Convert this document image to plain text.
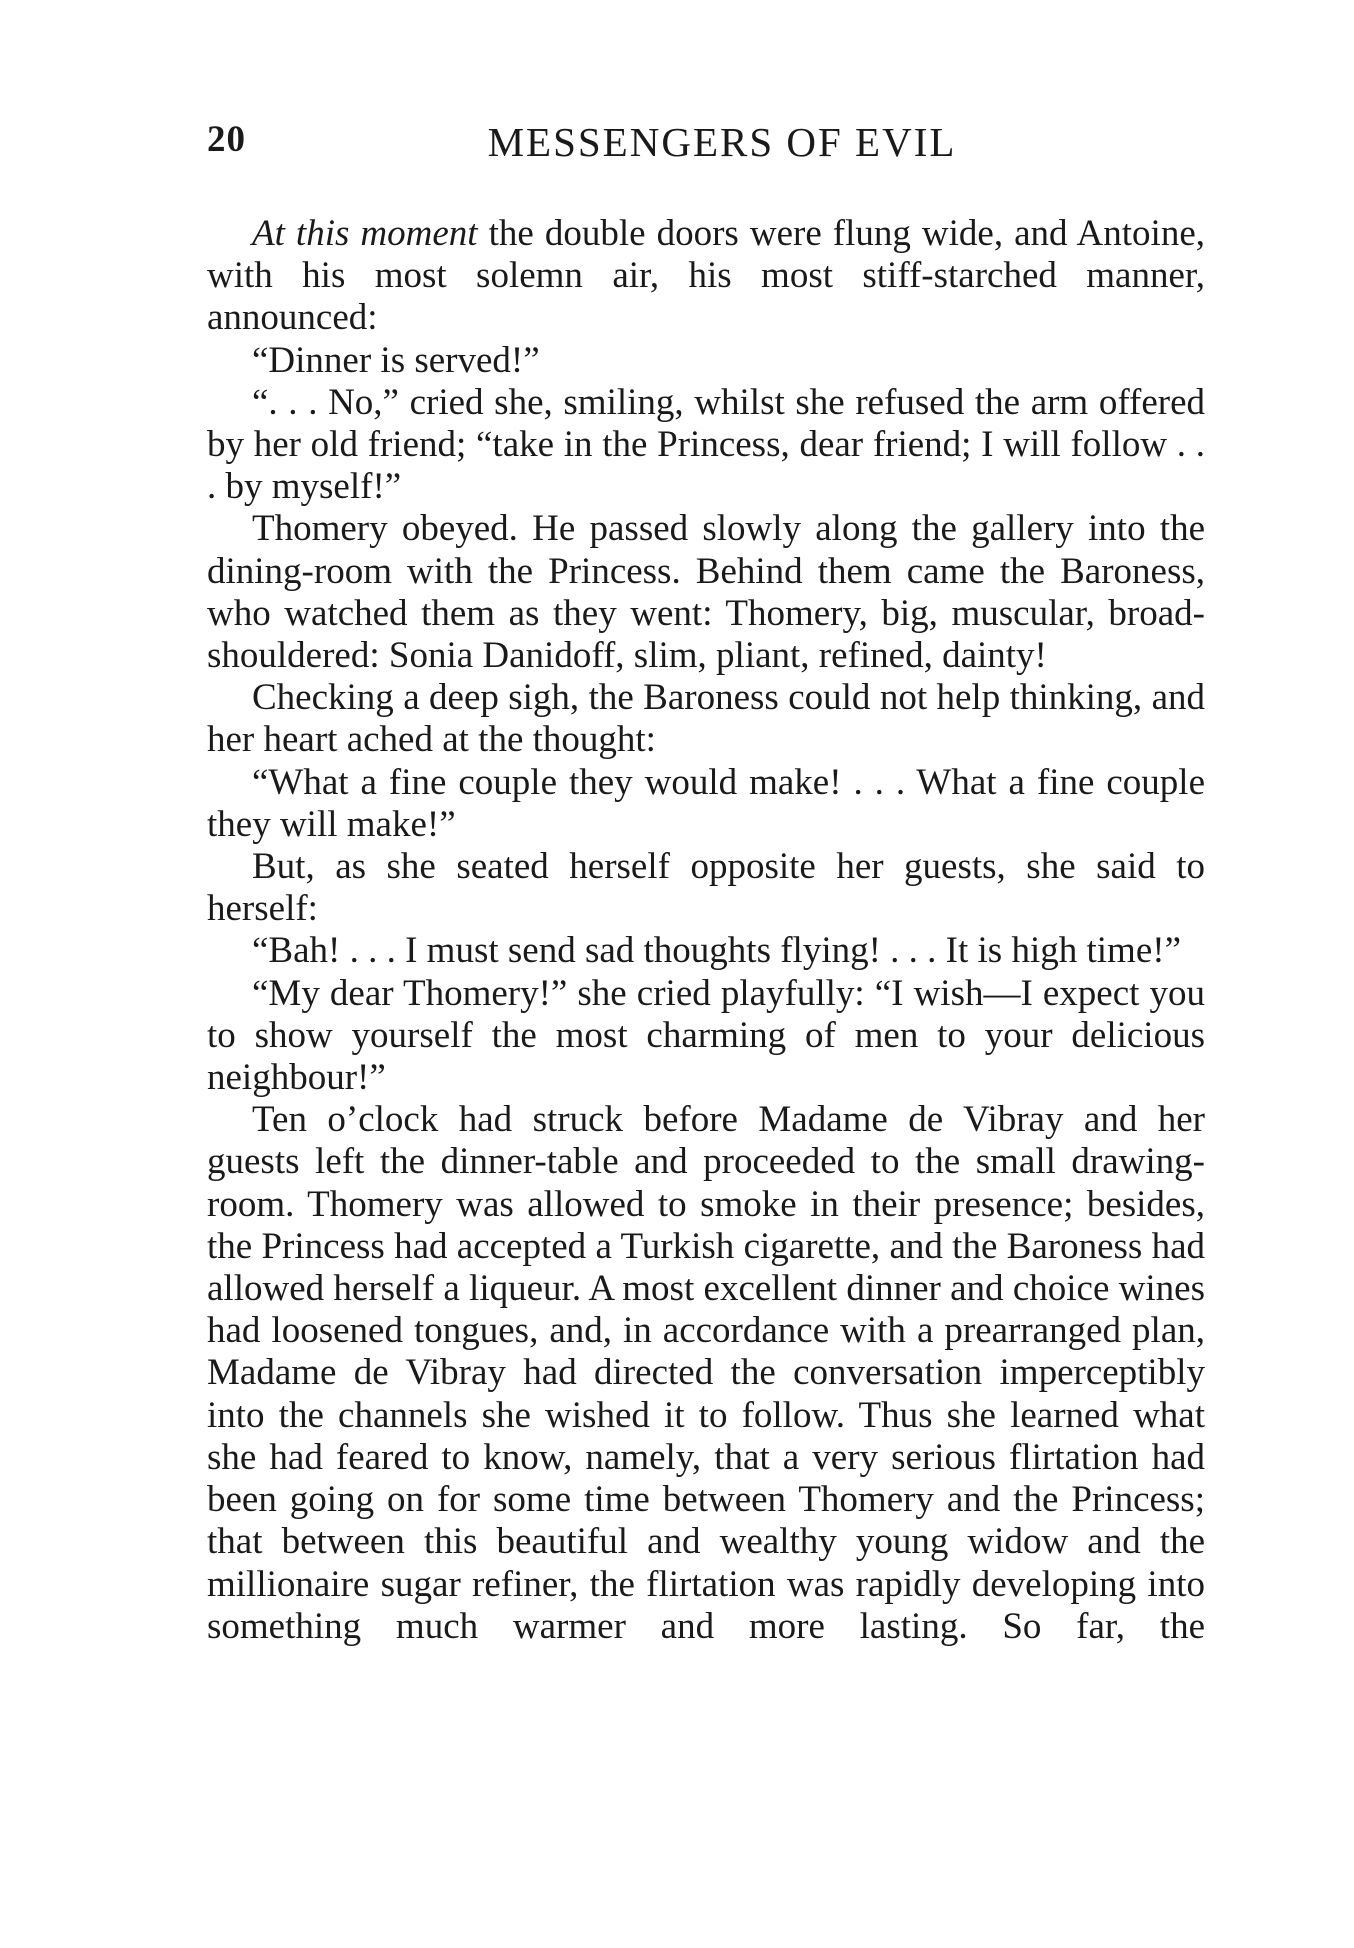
20	MESSENGERS OF EVIL

At this moment the double doors were flung wide, and Antoine, with his most solemn air, his most stiff-starched manner, announced:

“Dinner is served!”

“. . . No,” cried she, smiling, whilst she refused the arm offered by her old friend; “take in the Princess, dear friend; I will follow . . . by myself!”

Thomery obeyed. He passed slowly along the gallery into the dining-room with the Princess. Behind them came the Baroness, who watched them as they went: Thomery, big, muscular, broad-shouldered: Sonia Danidoff, slim, pliant, refined, dainty!

Checking a deep sigh, the Baroness could not help thinking, and her heart ached at the thought:

“What a fine couple they would make! . . . What a fine couple they will make!”

But, as she seated herself opposite her guests, she said to herself:

“Bah! . . . I must send sad thoughts flying! . . . It is high time!”

“My dear Thomery!” she cried playfully: “I wish—I expect you to show yourself the most charming of men to your delicious neighbour!”

Ten o’clock had struck before Madame de Vibray and her guests left the dinner-table and proceeded to the small drawing-room. Thomery was allowed to smoke in their presence; besides, the Princess had accepted a Turkish cigarette, and the Baroness had allowed herself a liqueur. A most excellent dinner and choice wines had loosened tongues, and, in accordance with a prearranged plan, Madame de Vibray had directed the conversation imperceptibly into the channels she wished it to follow. Thus she learned what she had feared to know, namely, that a very serious flirtation had been going on for some time between Thomery and the Princess; that between this beautiful and wealthy young widow and the millionaire sugar refiner, the flirtation was rapidly developing into something much warmer and more lasting. So far, the
